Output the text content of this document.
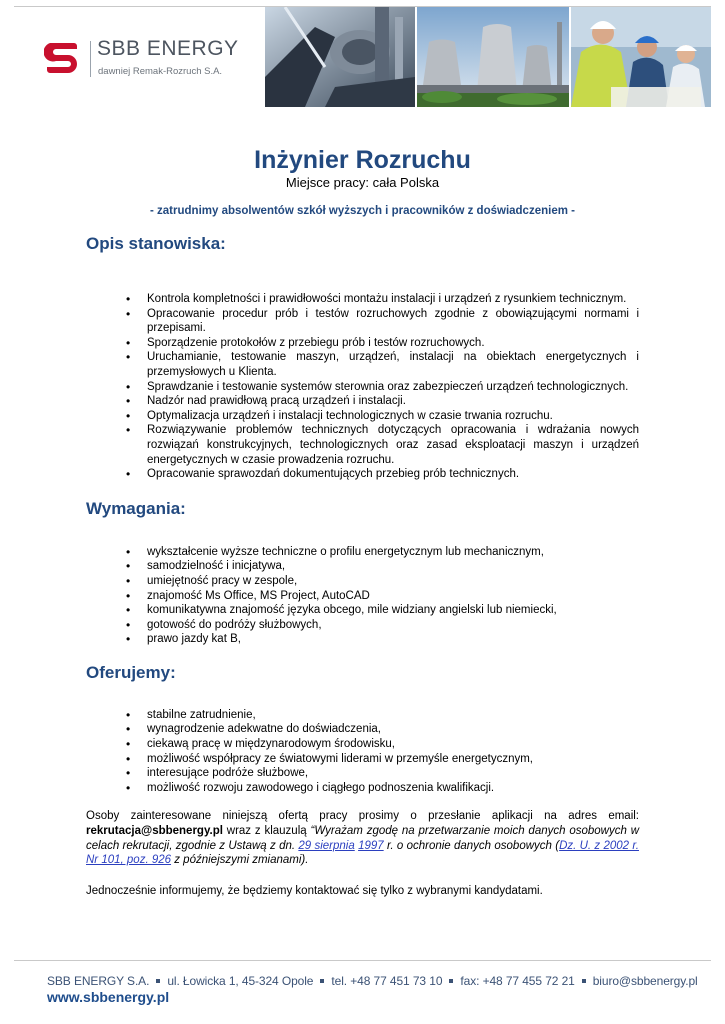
SBB ENERGY
dawniej Remak-Rozruch S.A.
Inżynier Rozruchu
Miejsce pracy: cała Polska
- zatrudnimy absolwentów szkół wyższych i pracowników z doświadczeniem -
Opis stanowiska:
• Kontrola kompletności i prawidłowości montażu instalacji i urządzeń z rysunkiem technicznym.
• Opracowanie procedur prób i testów rozruchowych zgodnie z obowiązującymi normami i przepisami.
• Sporządzenie protokołów z przebiegu prób i testów rozruchowych.
• Uruchamianie, testowanie maszyn, urządzeń, instalacji na obiektach energetycznych i przemysłowych u Klienta.
• Sprawdzanie i testowanie systemów sterownia oraz zabezpieczeń urządzeń technologicznych.
• Nadzór nad prawidłową pracą urządzeń i instalacji.
• Optymalizacja urządzeń i instalacji technologicznych w czasie trwania rozruchu.
• Rozwiązywanie problemów technicznych dotyczących opracowania i wdrażania nowych rozwiązań konstrukcyjnych, technologicznych oraz zasad eksploatacji maszyn i urządzeń energetycznych w czasie prowadzenia rozruchu.
• Opracowanie sprawozdań dokumentujących przebieg prób technicznych.
Wymagania:
• wykształcenie wyższe techniczne o profilu energetycznym lub mechanicznym,
• samodzielność i inicjatywa,
• umiejętność pracy w zespole,
• znajomość Ms Office, MS Project, AutoCAD
• komunikatywna znajomość języka obcego, mile widziany angielski lub niemiecki,
• gotowość do podróży służbowych,
• prawo jazdy kat B,
Oferujemy:
• stabilne zatrudnienie,
• wynagrodzenie adekwatne do doświadczenia,
• ciekawą pracę w międzynarodowym środowisku,
• możliwość współpracy ze światowymi liderami w przemyśle energetycznym,
• interesujące podróże służbowe,
• możliwość rozwoju zawodowego i ciągłego podnoszenia kwalifikacji.

Osoby zainteresowane niniejszą ofertą pracy prosimy o przesłanie aplikacji na adres email: rekrutacja@sbbenergy.pl wraz z klauzulą “Wyrażam zgodę na przetwarzanie moich danych osobowych w celach rekrutacji, zgodnie z Ustawą z dn. 29 sierpnia 1997 r. o ochronie danych osobowych (Dz. U. z 2002 r. Nr 101, poz. 926 z późniejszymi zmianami).

Jednocześnie informujemy, że będziemy kontaktować się tylko z wybranymi kandydatami.

SBB ENERGY S.A. ul. Łowicka 1, 45-324 Opole tel. +48 77 451 73 10 fax: +48 77 455 72 21 biuro@sbbenergy.pl
www.sbbenergy.pl
